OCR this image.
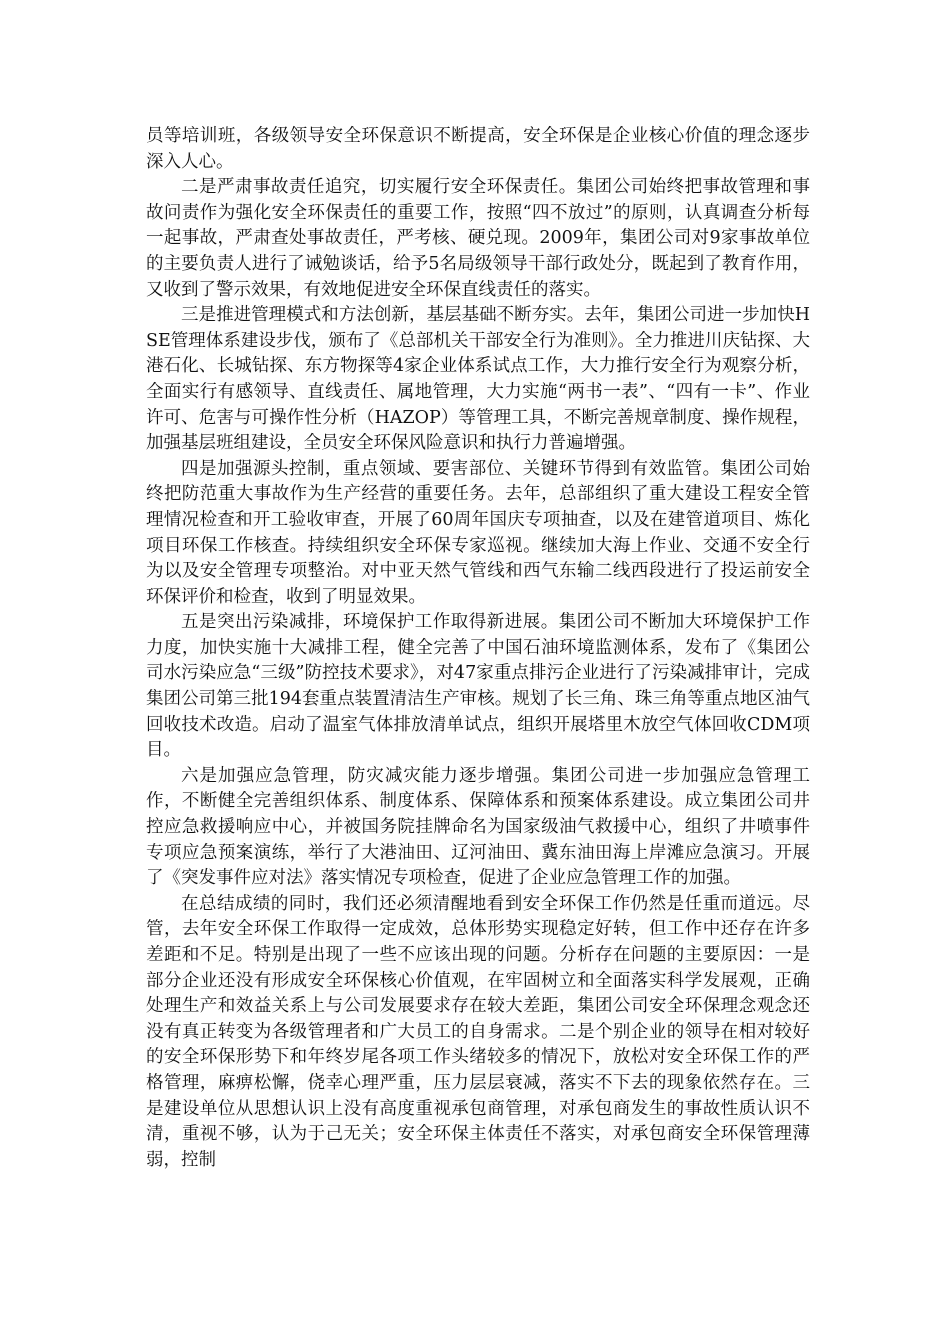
员等培训班，各级领导安全环保意识不断提高，安全环保是企业核心价值的理念逐步深入人心。

二是严肃事故责任追究，切实履行安全环保责任。集团公司始终把事故管理和事故问责作为强化安全环保责任的重要工作，按照“四不放过”的原则，认真调查分析每一起事故，严肃查处事故责任，严考核、硬兑现。2009年，集团公司对9家事故单位的主要负责人进行了诫勉谈话，给予5名局级领导干部行政处分，既起到了教育作用，又收到了警示效果，有效地促进安全环保直线责任的落实。

三是推进管理模式和方法创新，基层基础不断夯实。去年，集团公司进一步加快HSE管理体系建设步伐，颁布了《总部机关干部安全行为准则》。全力推进川庆钻探、大港石化、长城钻探、东方物探等4家企业体系试点工作，大力推行安全行为观察分析，全面实行有感领导、直线责任、属地管理，大力实施“两书一表”、“四有一卡”、作业许可、危害与可操作性分析（HAZOP）等管理工具，不断完善规章制度、操作规程，加强基层班组建设，全员安全环保风险意识和执行力普遍增强。

四是加强源头控制，重点领域、要害部位、关键环节得到有效监管。集团公司始终把防范重大事故作为生产经营的重要任务。去年，总部组织了重大建设工程安全管理情况检查和开工验收审查，开展了60周年国庆专项抽查，以及在建管道项目、炼化项目环保工作核查。持续组织安全环保专家巡视。继续加大海上作业、交通不安全行为以及安全管理专项整治。对中亚天然气管线和西气东输二线西段进行了投运前安全环保评价和检查，收到了明显效果。

五是突出污染减排，环境保护工作取得新进展。集团公司不断加大环境保护工作力度，加快实施十大减排工程，健全完善了中国石油环境监测体系，发布了《集团公司水污染应急“三级”防控技术要求》，对47家重点排污企业进行了污染减排审计，完成集团公司第三批194套重点装置清洁生产审核。规划了长三角、珠三角等重点地区油气回收技术改造。启动了温室气体排放清单试点，组织开展塔里木放空气体回收CDM项目。

六是加强应急管理，防灾减灾能力逐步增强。集团公司进一步加强应急管理工作，不断健全完善组织体系、制度体系、保障体系和预案体系建设。成立集团公司井控应急救援响应中心，并被国务院挂牌命名为国家级油气救援中心，组织了井喷事件专项应急预案演练，举行了大港油田、辽河油田、冀东油田海上岸滩应急演习。开展了《突发事件应对法》落实情况专项检查，促进了企业应急管理工作的加强。

在总结成绩的同时，我们还必须清醒地看到安全环保工作仍然是任重而道远。尽管，去年安全环保工作取得一定成效，总体形势实现稳定好转，但工作中还存在许多差距和不足。特别是出现了一些不应该出现的问题。分析存在问题的主要原因：一是部分企业还没有形成安全环保核心价值观，在牢固树立和全面落实科学发展观，正确处理生产和效益关系上与公司发展要求存在较大差距，集团公司安全环保理念观念还没有真正转变为各级管理者和广大员工的自身需求。二是个别企业的领导在相对较好的安全环保形势下和年终岁尾各项工作头绪较多的情况下，放松对安全环保工作的严格管理，麻痹松懈，侥幸心理严重，压力层层衰减，落实不下去的现象依然存在。三是建设单位从思想认识上没有高度重视承包商管理，对承包商发生的事故性质认识不清，重视不够，认为于己无关；安全环保主体责任不落实，对承包商安全环保管理薄弱，控制
